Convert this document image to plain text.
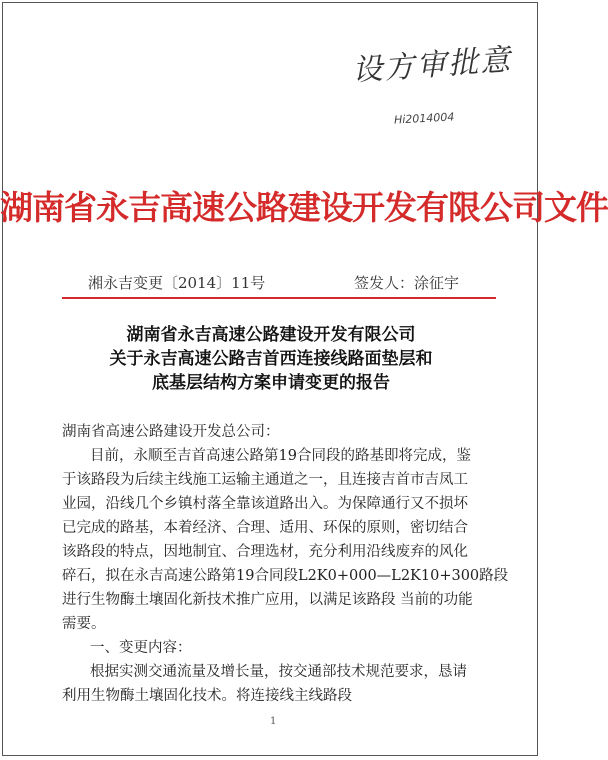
设方审批意
Hi2014004
湖南省永吉高速公路建设开发有限公司文件
湘永吉变更〔2014〕11号	签发人：涂征宇
湖南省永吉高速公路建设开发有限公司
关于永吉高速公路吉首西连接线路面垫层和
底基层结构方案申请变更的报告
湖南省高速公路建设开发总公司：
目前，永顺至吉首高速公路第19合同段的路基即将完成，鉴
于该路段为后续主线施工运输主通道之一，且连接吉首市吉凤工
业园，沿线几个乡镇村落全靠该道路出入。为保障通行又不损坏
已完成的路基，本着经济、合理、适用、环保的原则，密切结合
该路段的特点，因地制宜、合理选材，充分利用沿线废弃的风化
碎石，拟在永吉高速公路第19合同段L2K0+000—L2K10+300路段
进行生物酶土壤固化新技术推广应用，以满足该路段 当前的功能
需要。
一、变更内容：
根据实测交通流量及增长量，按交通部技术规范要求，恳请
利用生物酶土壤固化技术。将连接线主线路段
1
